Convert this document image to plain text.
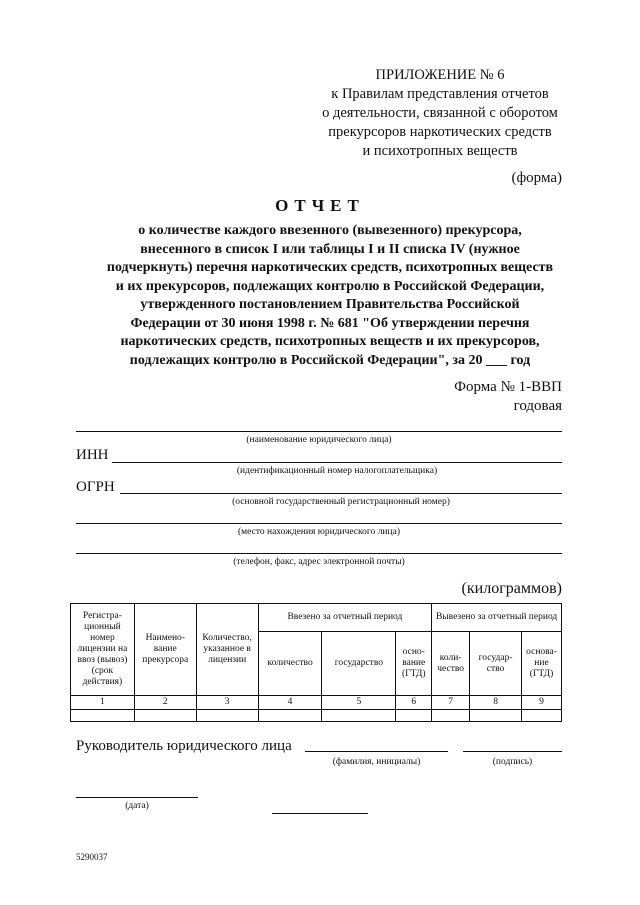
ПРИЛОЖЕНИЕ № 6
к Правилам представления отчетов
о деятельности, связанной с оборотом
прекурсоров наркотических средств
и психотропных веществ
(форма)
ОТЧЕТ
о количестве каждого ввезенного (вывезенного) прекурсора,
внесенного в список I или таблицы I и II списка IV (нужное
подчеркнуть) перечня наркотических средств, психотропных веществ
и их прекурсоров, подлежащих контролю в Российской Федерации,
утвержденного постановлением Правительства Российской
Федерации от 30 июня 1998 г. № 681 "Об утверждении перечня
наркотических средств, психотропных веществ и их прекурсоров,
подлежащих контролю в Российской Федерации", за 20 ___ год
Форма № 1-ВВП
годовая
(наименование юридического лица)
ИНН
(идентификационный номер налогоплательщика)
ОГРН
(основной государственный регистрационный номер)
(место нахождения юридического лица)
(телефон, факс, адрес электронной почты)
(килограммов)
Регистра-ционный номер лицензии на ввоз (вывоз) (срок действия)	Наимено-вание прекурсора	Количество, указанное в лицензии	Ввезено за отчетный период			Вывезено за отчетный период		
			количество	государство	осно-вание (ГТД)	коли-чество	государ-ство	основа-ние (ГТД)
1	2	3	4	5	6	7	8	9

Руководитель юридического лица
(фамилия, инициалы)	(подпись)
(дата)
5290037
